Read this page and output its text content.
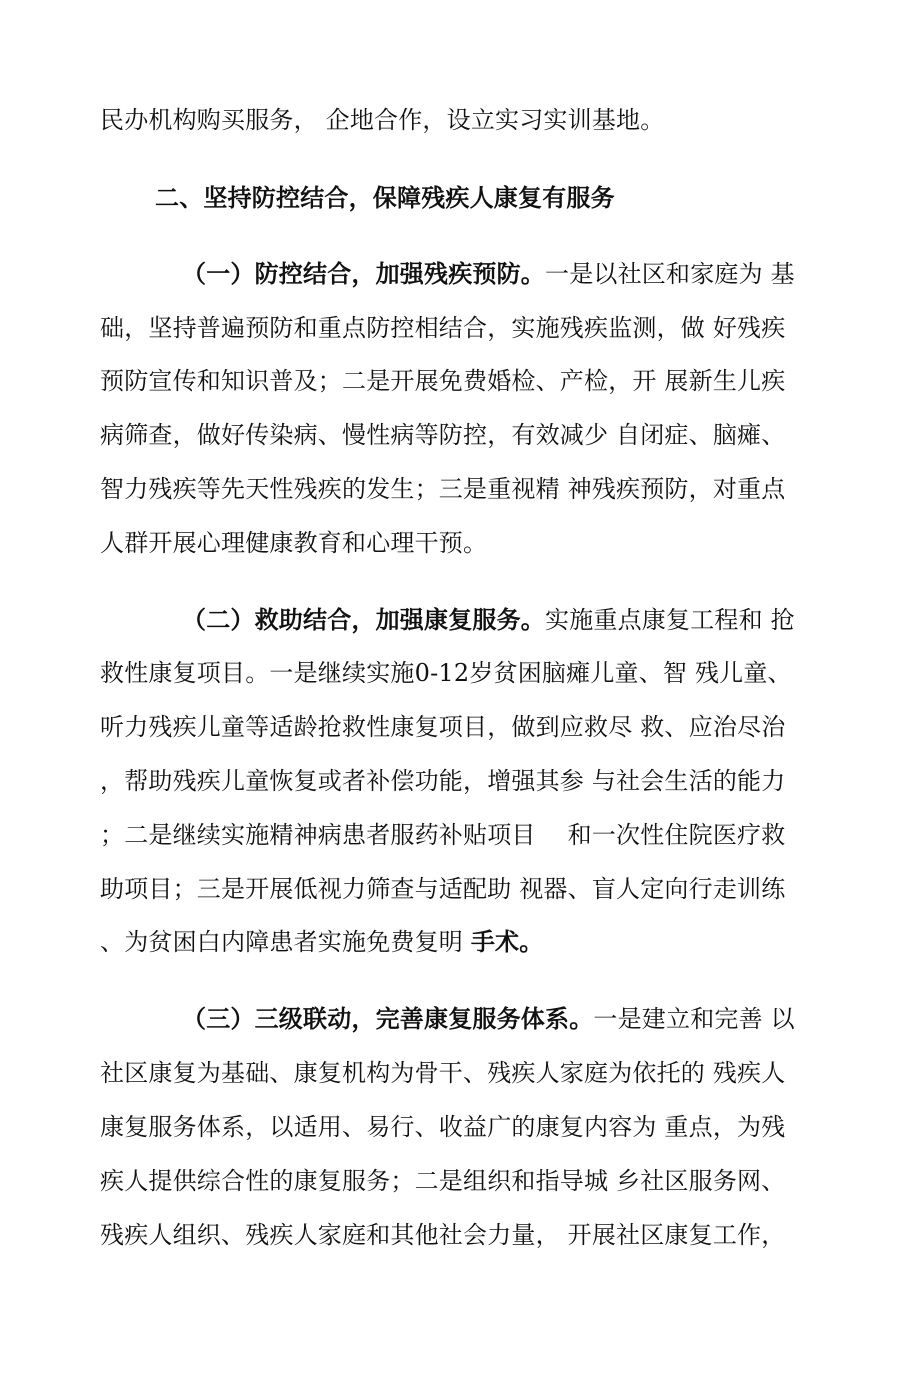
民办机构购买服务， 企地合作，设立实习实训基地。
二、坚持防控结合，保障残疾人康复有服务
（一）防控结合，加强残疾预防。一是以社区和家庭为 基
础，坚持普遍预防和重点防控相结合，实施残疾监测，做 好残疾
预防宣传和知识普及；二是开展免费婚检、产检，开 展新生儿疾
病筛查，做好传染病、慢性病等防控，有效减少 自闭症、脑瘫、
智力残疾等先天性残疾的发生；三是重视精 神残疾预防，对重点
人群开展心理健康教育和心理干预。
（二）救助结合，加强康复服务。实施重点康复工程和 抢
救性康复项目。一是继续实施0-12岁贫困脑瘫儿童、智 残儿童、
听力残疾儿童等适龄抢救性康复项目，做到应救尽 救、应治尽治
，帮助残疾儿童恢复或者补偿功能，增强其参 与社会生活的能力
；二是继续实施精神病患者服药补贴项目 　和一次性住院医疗救
助项目；三是开展低视力筛查与适配助 视器、盲人定向行走训练
、为贫困白内障患者实施免费复明 手术。
（三）三级联动，完善康复服务体系。一是建立和完善 以
社区康复为基础、康复机构为骨干、残疾人家庭为依托的 残疾人
康复服务体系，以适用、易行、收益广的康复内容为 重点，为残
疾人提供综合性的康复服务；二是组织和指导城 乡社区服务网、
残疾人组织、残疾人家庭和其他社会力量， 开展社区康复工作，
